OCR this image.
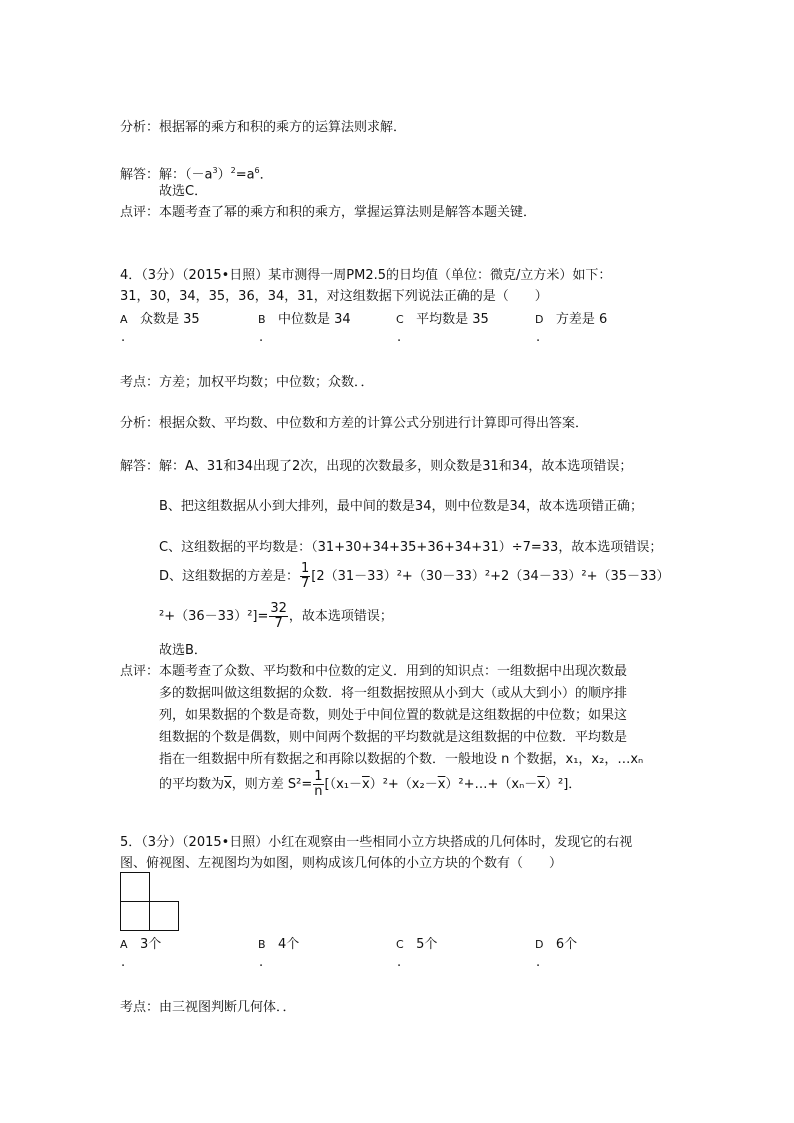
分析：根据幂的乘方和积的乘方的运算法则求解．
解答：解：$(-a^3)^2=a^6$．
故选C．
点评：本题考查了幂的乘方和积的乘方，掌握运算法则是解答本题关键．
4．（3分）（2015•日照）某市测得一周PM2.5的日均值（单位：微克/立方米）如下：
31，30，34，35，36，34，31，对这组数据下列说法正确的是（　　）
A 众数是 35	B 中位数是 34	C 平均数是 35	D 方差是 6
.	.	.	.
考点：方差；加权平均数；中位数；众数．．
分析：根据众数、平均数、中位数和方差的计算公式分别进行计算即可得出答案．
解答：解：A、31和34出现了2次，出现的次数最多，则众数是31和34，故本选项错误；
B、把这组数据从小到大排列，最中间的数是34，则中位数是34，故本选项错正确；
C、这组数据的平均数是：（31+30+34+35+36+34+31）÷7=33，故本选项错误；
D、这组数据的方差是： $\frac{1}{7} [2(31-33)^2+(30-33)^2+2(34-33)^2+(35-33)$
$^2+(36-33)^2]= \frac{32}{7}$ ，故本选项错误；
故选B．
点评：本题考查了众数、平均数和中位数的定义．用到的知识点：一组数据中出现次数最
多的数据叫做这组数据的众数．将一组数据按照从小到大（或从大到小）的顺序排
列，如果数据的个数是奇数，则处于中间位置的数就是这组数据的中位数；如果这
组数据的个数是偶数，则中间两个数据的平均数就是这组数据的中位数．平均数是
指在一组数据中所有数据之和再除以数据的个数．一般地设 n 个数据，x₁，x₂，…xₙ
的平均数为$\overline{x}$，则方差 $S^2= \frac{1}{n}$ $[(x_1-\overline{x})^2+(x_2-\overline{x})^2+\dots+(x_n-\overline{x})^2]$．
5．（3分）（2015•日照）小红在观察由一些相同小立方块搭成的几何体时，发现它的右视
图、俯视图、左视图均为如图，则构成该几何体的小立方块的个数有（　　）
A 3个	B 4个	C 5个	D 6个
.	.	.	.
考点：由三视图判断几何体．．
